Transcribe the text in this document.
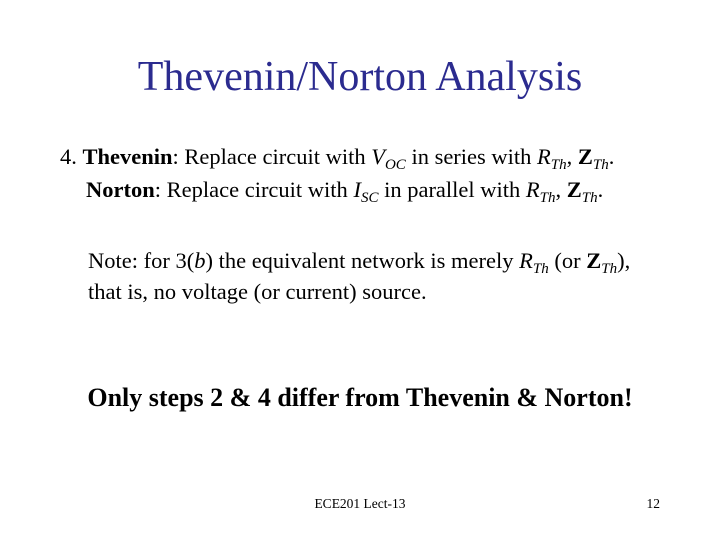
Thevenin/Norton Analysis
4. Thevenin: Replace circuit with $V_{OC}$ in series with $R_{Th}$, $Z_{Th}$.
Norton: Replace circuit with $I_{SC}$ in parallel with $R_{Th}$, $Z_{Th}$.
Note: for 3(b) the equivalent network is merely $R_{Th}$ (or $Z_{Th}$),
that is, no voltage (or current) source.
Only steps 2 & 4 differ from Thevenin & Norton!
ECE201 Lect-13	12
